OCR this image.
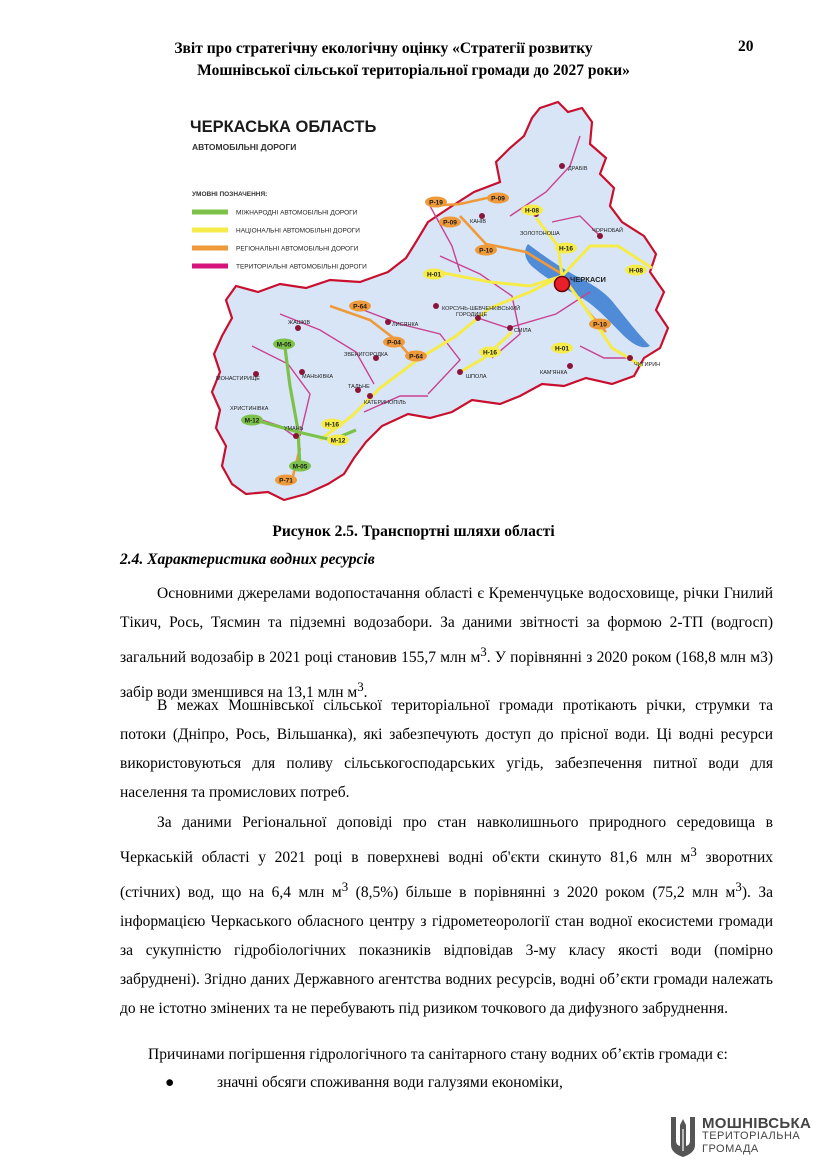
Звіт про стратегічну екологічну оцінку «Стратегії розвитку
Мошнівської сільської територіальної громади до 2027 роки»
20
ЧЕРКАСИ
ЗОЛОТОНОША	ЧОРНОБАЙ
КАНІВ
ДРАБІВ
КОРСУНЬ-ШЕВЧЕНКІВСЬКИЙ
ГОРОДИЩЕ
СМІЛА
КАМ'ЯНКА
ЧИГИРИН
ЛИСЯНКА
ЗВЕНИГОРОДКА
ШПОЛА
КАТЕРИНОПІЛЬ
ТАЛЬНЕ
УМАНЬ
ХРИСТИНІВКА
МОНАСТИРИЩЕ
ЖАШКІВ
МАНЬКІВКА
М-05
М-12
М-05
Н-08
Н-16
Н-01
Н-08
Н-01
Н-16
Н-16
М-12
Р-19
Р-09
Р-09
Р-10
Р-64
Р-04
Р-64
Р-10
Р-71
ЧЕРКАСЬКА ОБЛАСТЬ
АВТОМОБІЛЬНІ ДОРОГИ
УМОВНІ ПОЗНАЧЕННЯ:
МІЖНАРОДНІ АВТОМОБІЛЬНІ ДОРОГИ
НАЦІОНАЛЬНІ АВТОМОБІЛЬНІ ДОРОГИ
РЕГІОНАЛЬНІ АВТОМОБІЛЬНІ ДОРОГИ
ТЕРИТОРІАЛЬНІ АВТОМОБІЛЬНІ ДОРОГИ
Рисунок 2.5. Транспортні шляхи області
2.4. Характеристика водних ресурсів

Основними джерелами водопостачання області є Кременчуцьке водосховище, річки Гнилий Тікич, Рось, Тясмин та підземні водозабори. За даними звітності за формою 2-ТП (водгосп) загальний водозабір в 2021 році становив 155,7 млн $м^3$. У порівнянні з 2020 роком (168,8 млн м3) забір води зменшився на 13,1 млн $м^3$.

В межах Мошнівської сільської територіальної громади протікають річки, струмки та потоки (Дніпро, Рось, Вільшанка), які забезпечують доступ до прісної води. Ці водні ресурси використовуються для поливу сільськогосподарських угідь, забезпечення питної води для населення та промислових потреб.

За даними Регіональної доповіді про стан навколишнього природного середовища в Черкаській області у 2021 році в поверхневі водні об'єкти скинуто 81,6 млн $м^3$ зворотних (стічних) вод, що на 6,4 млн $м^3$ (8,5%) більше в порівнянні з 2020 роком (75,2 млн $м^3$). За інформацією Черкаського обласного центру з гідрометеорології стан водної екосистеми громади за сукупністю гідробіологічних показників відповідав 3-му класу якості води (помірно забруднені). Згідно даних Державного агентства водних ресурсів, водні об’єкти громади належать до не істотно змінених та не перебувають під ризиком точкового да дифузного забруднення.

Причинами погіршення гідрологічного та санітарного стану водних об’єктів громади є:

●	значні обсяги споживання води галузями економіки,
МОШНІВСЬКА
ТЕРИТОРІАЛЬНА
ГРОМАДА
